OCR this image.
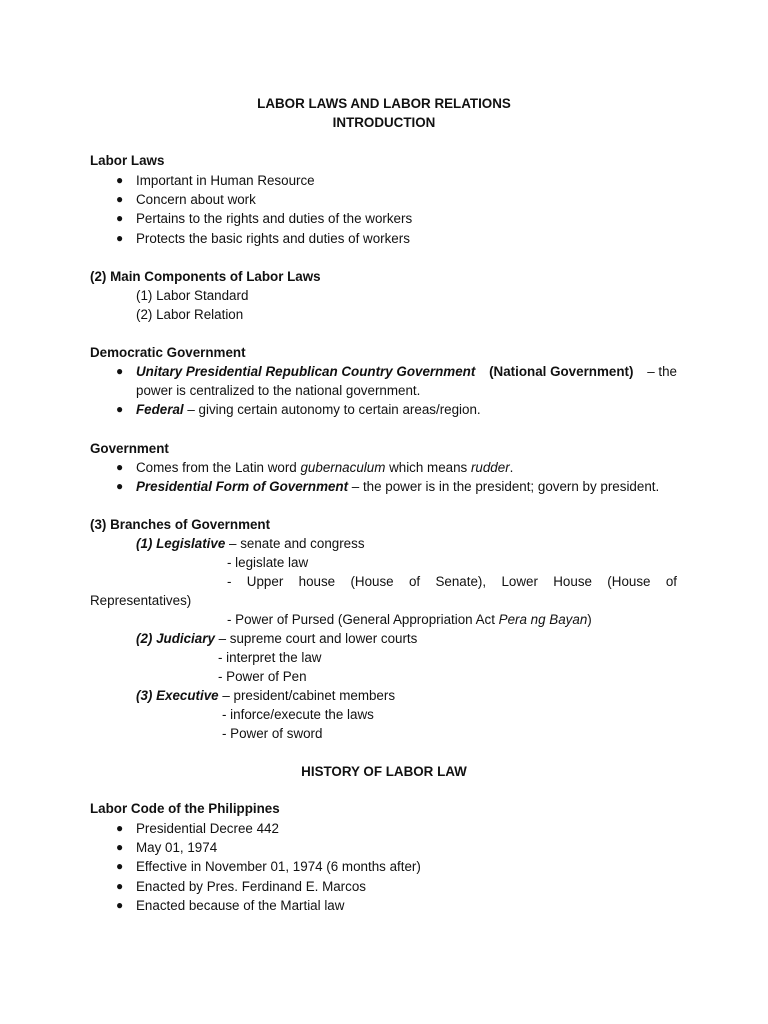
LABOR LAWS AND LABOR RELATIONS
INTRODUCTION
Labor Laws
● Important in Human Resource
● Concern about work
● Pertains to the rights and duties of the workers
● Protects the basic rights and duties of workers
(2) Main Components of Labor Laws
(1) Labor Standard
(2) Labor Relation
Democratic Government
● Unitary Presidential Republican Country Government (National Government) – the
power is centralized to the national government.
● Federal – giving certain autonomy to certain areas/region.
Government
● Comes from the Latin word gubernaculum which means rudder.
● Presidential Form of Government – the power is in the president; govern by president.
(3) Branches of Government
(1) Legislative – senate and congress
- legislate law
- Upper house (House of Senate), Lower House (House of
Representatives)
- Power of Pursed (General Appropriation Act Pera ng Bayan)
(2) Judiciary – supreme court and lower courts
- interpret the law
- Power of Pen
(3) Executive – president/cabinet members
- inforce/execute the laws
- Power of sword
HISTORY OF LABOR LAW
Labor Code of the Philippines
● Presidential Decree 442
● May 01, 1974
● Effective in November 01, 1974 (6 months after)
● Enacted by Pres. Ferdinand E. Marcos
● Enacted because of the Martial law
